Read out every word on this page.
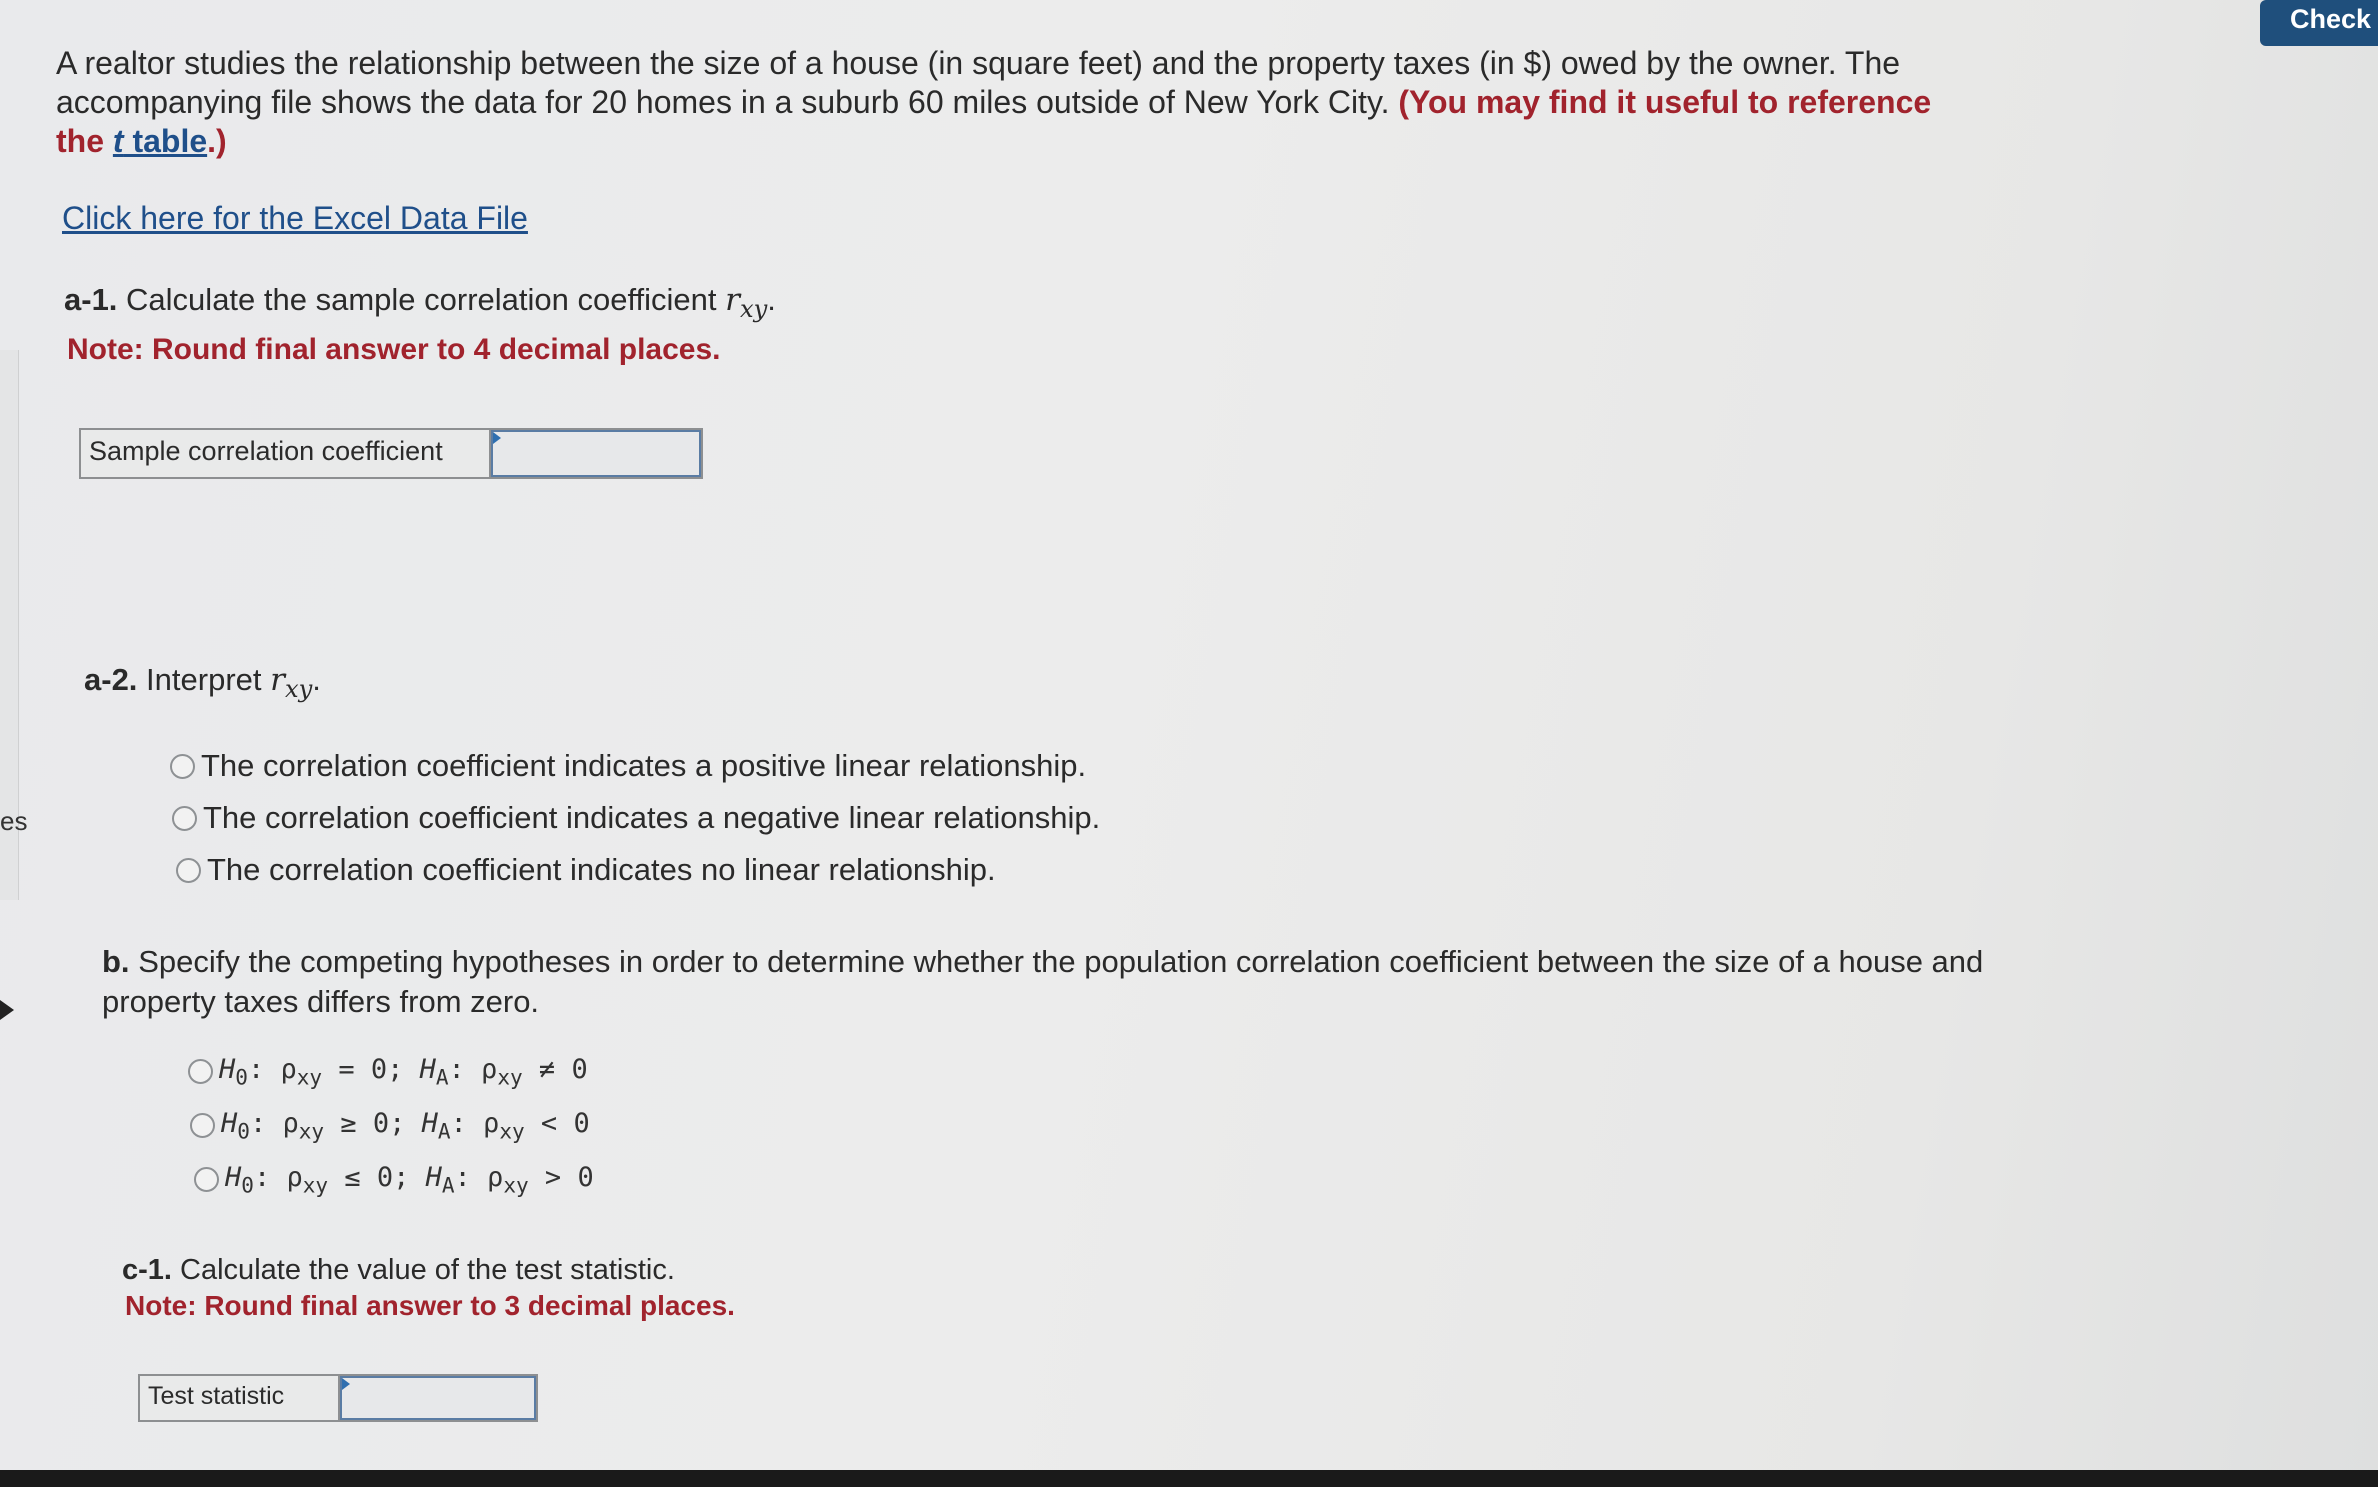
Check
es
A realtor studies the relationship between the size of a house (in square feet) and the property taxes (in $) owed by the owner. The accompanying file shows the data for 20 homes in a suburb 60 miles outside of New York City. (You may find it useful to reference the t table.)
Click here for the Excel Data File
a-1. Calculate the sample correlation coefficient $r_{xy}$.
Note: Round final answer to 4 decimal places.
Sample correlation coefficient
a-2. Interpret $r_{xy}$.
The correlation coefficient indicates a positive linear relationship.
The correlation coefficient indicates a negative linear relationship.
The correlation coefficient indicates no linear relationship.
b. Specify the competing hypotheses in order to determine whether the population correlation coefficient between the size of a house and property taxes differs from zero.
$H_0$: $\rho_{xy} = 0$; $H_A$: $\rho_{xy} \ne 0$
$H_0$: $\rho_{xy} \ge 0$; $H_A$: $\rho_{xy} < 0$
$H_0$: $\rho_{xy} \le 0$; $H_A$: $\rho_{xy} > 0$
c-1. Calculate the value of the test statistic.
Note: Round final answer to 3 decimal places.
Test statistic
